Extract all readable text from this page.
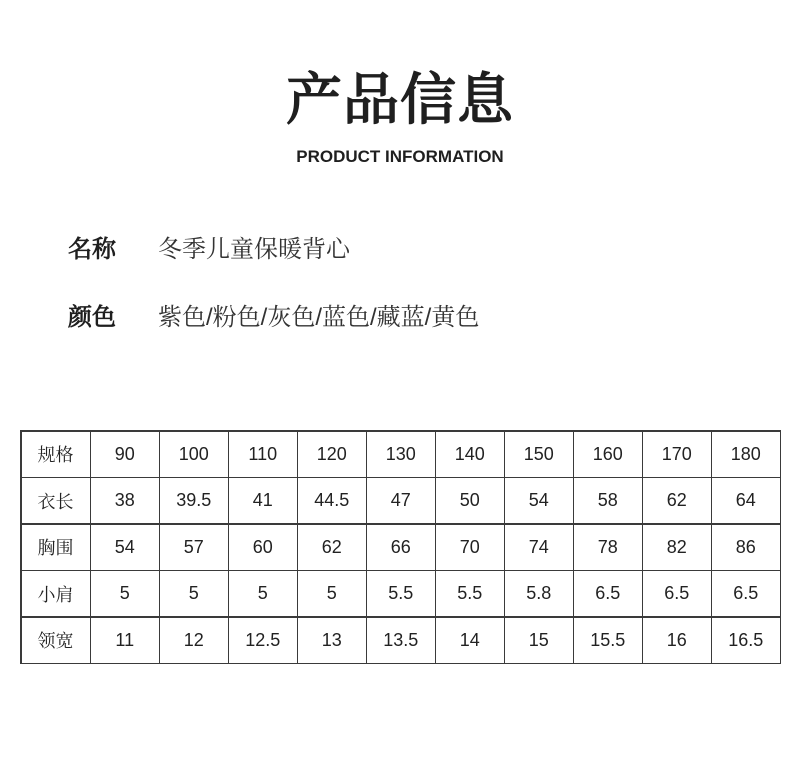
产品信息
PRODUCT INFORMATION
名称 冬季儿童保暖背心
颜色 紫色/粉色/灰色/蓝色/藏蓝/黄色
规格	90	100	110	120	130	140	150	160	170	180
衣长	38	39.5	41	44.5	47	50	54	58	62	64
胸围	54	57	60	62	66	70	74	78	82	86
小肩	5	5	5	5	5.5	5.5	5.8	6.5	6.5	6.5
领宽	11	12	12.5	13	13.5	14	15	15.5	16	16.5
